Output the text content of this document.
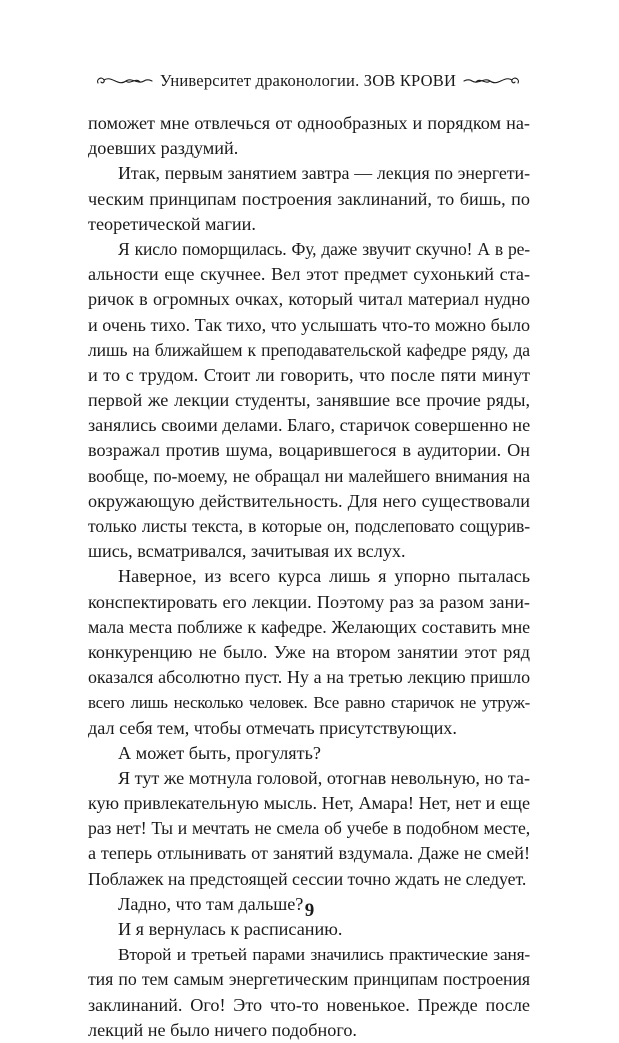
Университет драконологии. ЗОВ КРОВИ
поможет мне отвлечься от однообразных и порядком на-
доевших раздумий.
Итак, первым занятием завтра — лекция по энергети-
ческим принципам построения заклинаний, то бишь, по
теоретической магии.
Я кисло поморщилась. Фу, даже звучит скучно! А в ре-
альности еще скучнее. Вел этот предмет сухонький ста-
ричок в огромных очках, который читал материал нудно
и очень тихо. Так тихо, что услышать что-то можно было
лишь на ближайшем к преподавательской кафедре ряду, да
и то с трудом. Стоит ли говорить, что после пяти минут
первой же лекции студенты, занявшие все прочие ряды,
занялись своими делами. Благо, старичок совершенно не
возражал против шума, воцарившегося в аудитории. Он
вообще, по-моему, не обращал ни малейшего внимания на
окружающую действительность. Для него существовали
только листы текста, в которые он, подслеповато сощурив-
шись, всматривался, зачитывая их вслух.
Наверное, из всего курса лишь я упорно пыталась
конспектировать его лекции. Поэтому раз за разом зани-
мала места поближе к кафедре. Желающих составить мне
конкуренцию не было. Уже на втором занятии этот ряд
оказался абсолютно пуст. Ну а на третью лекцию пришло
всего лишь несколько человек. Все равно старичок не утруж-
дал себя тем, чтобы отмечать присутствующих.
А может быть, прогулять?
Я тут же мотнула головой, отогнав невольную, но та-
кую привлекательную мысль. Нет, Амара! Нет, нет и еще
раз нет! Ты и мечтать не смела об учебе в подобном месте,
а теперь отлынивать от занятий вздумала. Даже не смей!
Поблажек на предстоящей сессии точно ждать не следует.
Ладно, что там дальше?
И я вернулась к расписанию.
Второй и третьей парами значились практические заня-
тия по тем самым энергетическим принципам построения
заклинаний. Ого! Это что-то новенькое. Прежде после
лекций не было ничего подобного.
9
